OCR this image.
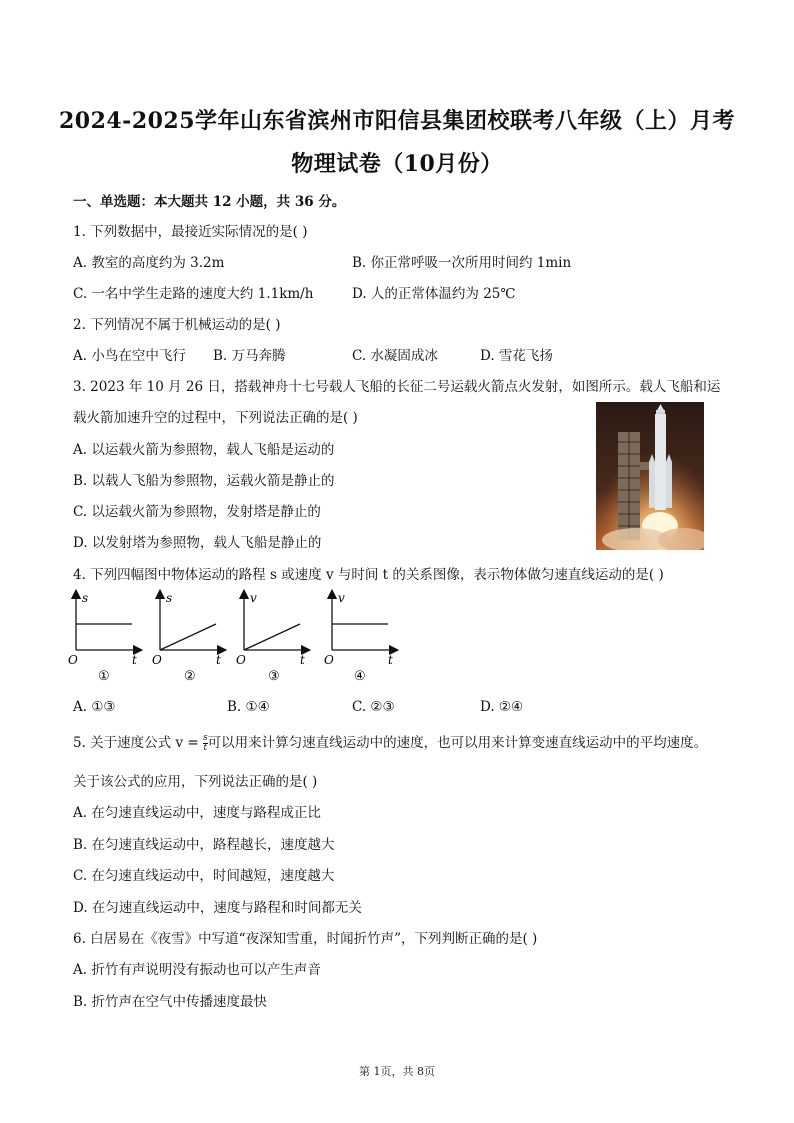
2024-2025学年山东省滨州市阳信县集团校联考八年级（上）月考
物理试卷（10月份）
一、单选题：本大题共 12 小题，共 36 分。
1. 下列数据中，最接近实际情况的是( )
A. 教室的高度约为 3.2m	B. 你正常呼吸一次所用时间约 1min
C. 一名中学生走路的速度大约 1.1km/h	D. 人的正常体温约为 25℃
2. 下列情况不属于机械运动的是( )
A. 小鸟在空中飞行 B. 万马奔腾	C. 水凝固成冰	D. 雪花飞扬
3. 2023 年 10 月 26 日，搭载神舟十七号载人飞船的长征二号运载火箭点火发射，如图所示。载人飞船和运
载火箭加速升空的过程中，下列说法正确的是( )
A. 以运载火箭为参照物，载人飞船是运动的
B. 以载人飞船为参照物，运载火箭是静止的
C. 以运载火箭为参照物，发射塔是静止的
D. 以发射塔为参照物，载人飞船是静止的
4. 下列四幅图中物体运动的路程 s 或速度 v 与时间 t 的关系图像，表示物体做匀速直线运动的是( )
s
O	t
①
s
O	t
②
v
O	t
③
v
O	t
④
A. ①③	B. ①④	C. ②③	D. ②④
5. 关于速度公式 $v = \frac{s}{t}$ 可以用来计算匀速直线运动中的速度，也可以用来计算变速直线运动中的平均速度。
关于该公式的应用，下列说法正确的是( )
A. 在匀速直线运动中，速度与路程成正比
B. 在匀速直线运动中，路程越长，速度越大
C. 在匀速直线运动中，时间越短，速度越大
D. 在匀速直线运动中，速度与路程和时间都无关
6. 白居易在《夜雪》中写道“夜深知雪重，时闻折竹声”，下列判断正确的是( )
A. 折竹有声说明没有振动也可以产生声音
B. 折竹声在空气中传播速度最快
第 1页，共 8页
